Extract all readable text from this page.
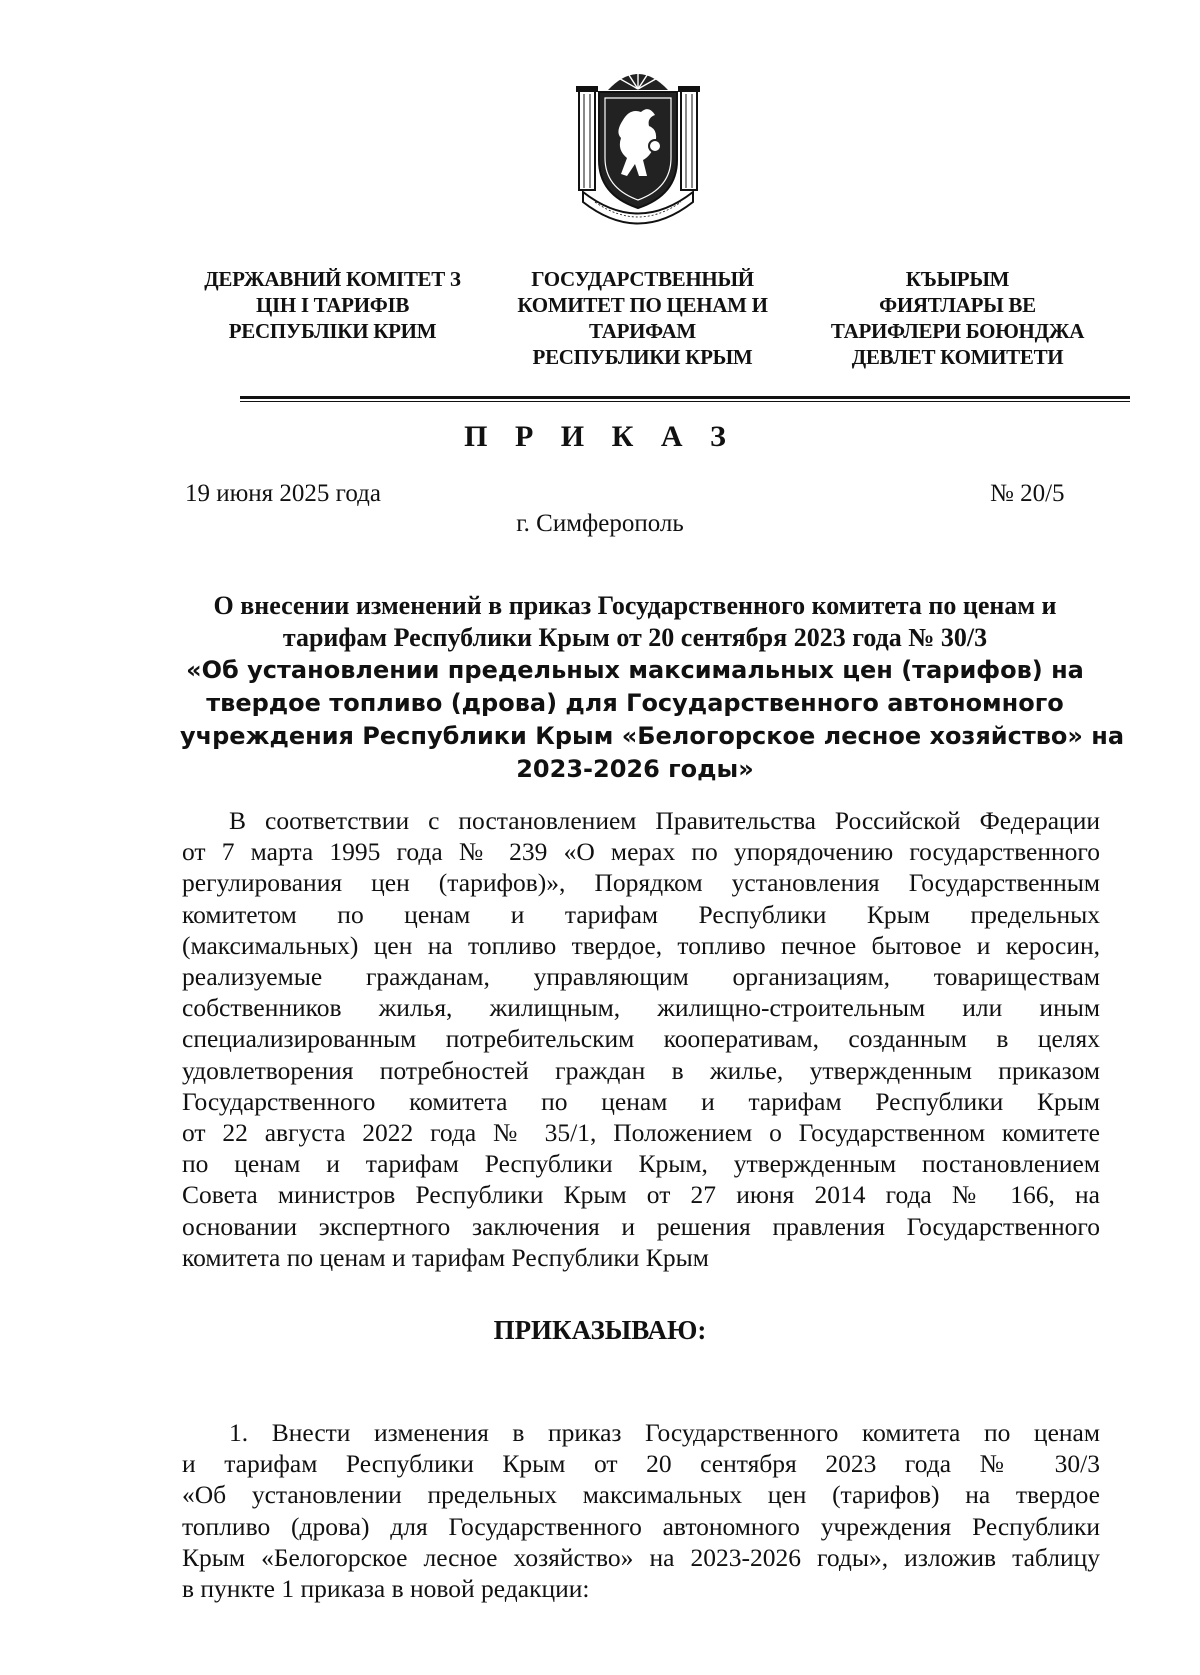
ДЕРЖАВНИЙ КОМІТЕТ З
ЦІН І ТАРИФІВ
РЕСПУБЛІКИ КРИМ
ГОСУДАРСТВЕННЫЙ
КОМИТЕТ ПО ЦЕНАМ И
ТАРИФАМ
РЕСПУБЛИКИ КРЫМ
КЪЫРЫМ
ФИЯТЛАРЫ ВЕ
ТАРИФЛЕРИ БОЮНДЖА
ДЕВЛЕТ КОМИТЕТИ
П Р И К А З
19 июня 2025 года	№ 20/5
г. Симферополь
О внесении изменений в приказ Государственного комитета по ценам и
тарифам Республики Крым от 20 сентября 2023 года № 30/3
«Об установлении предельных максимальных цен (тарифов) на
твердое топливо (дрова) для Государственного автономного
учреждения Республики Крым «Белогорское лесное хозяйство» на
2023-2026 годы»
В соответствии с постановлением Правительства Российской Федерации
от 7 марта 1995 года № 239 «О мерах по упорядочению государственного
регулирования цен (тарифов)», Порядком установления Государственным
комитетом по ценам и тарифам Республики Крым предельных
(максимальных) цен на топливо твердое, топливо печное бытовое и керосин,
реализуемые гражданам, управляющим организациям, товариществам
собственников жилья, жилищным, жилищно-строительным или иным
специализированным потребительским кооперативам, созданным в целях
удовлетворения потребностей граждан в жилье, утвержденным приказом
Государственного комитета по ценам и тарифам Республики Крым
от 22 августа 2022 года № 35/1, Положением о Государственном комитете
по ценам и тарифам Республики Крым, утвержденным постановлением
Совета министров Республики Крым от 27 июня 2014 года № 166, на
основании экспертного заключения и решения правления Государственного
комитета по ценам и тарифам Республики Крым
ПРИКАЗЫВАЮ:
1. Внести изменения в приказ Государственного комитета по ценам
и тарифам Республики Крым от 20 сентября 2023 года № 30/3
«Об установлении предельных максимальных цен (тарифов) на твердое
топливо (дрова) для Государственного автономного учреждения Республики
Крым «Белогорское лесное хозяйство» на 2023-2026 годы», изложив таблицу
в пункте 1 приказа в новой редакции:
